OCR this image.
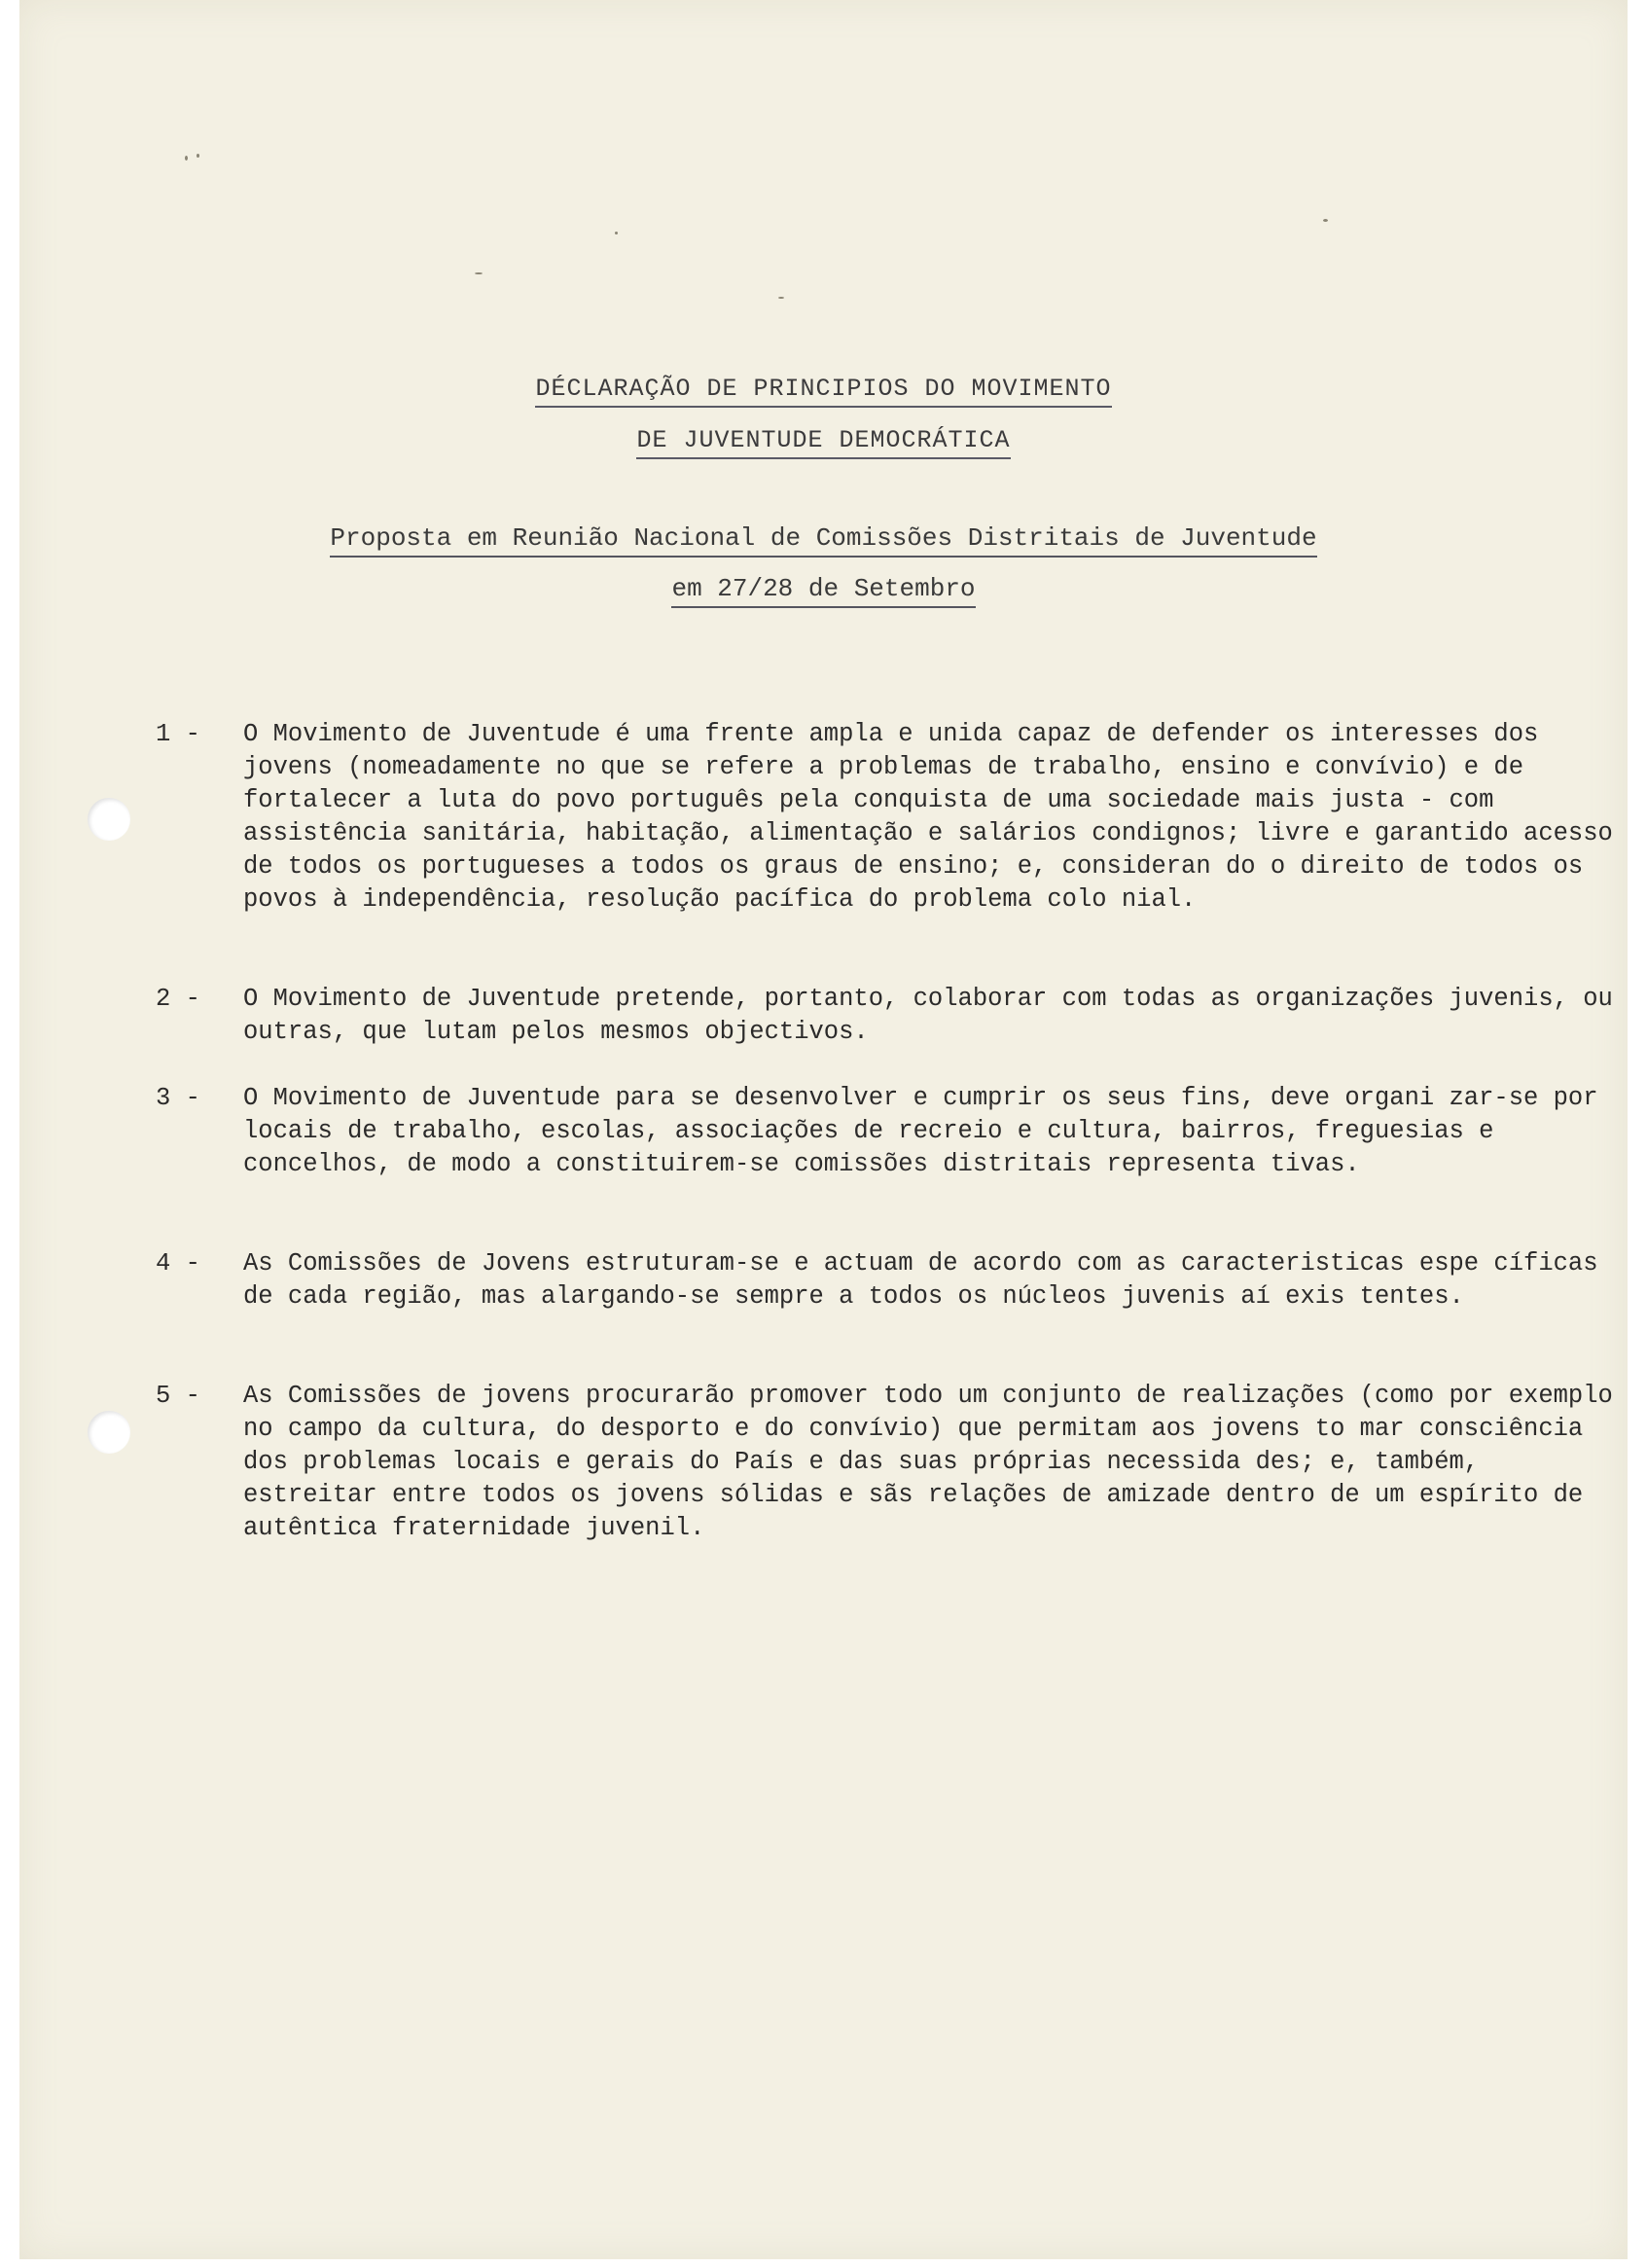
DÉCLARAÇÃO DE PRINCIPIOS DO MOVIMENTO
DE JUVENTUDE DEMOCRÁTICA
Proposta em Reunião Nacional de Comissões Distritais de Juventude
em 27/28 de Setembro
1 -	O Movimento de Juventude é uma frente ampla e unida capaz de defender os interesses dos jovens (nomeadamente no que se refere a problemas de trabalho, ensino e convívio) e de fortalecer a luta do povo português pela conquista de uma sociedade mais justa - com assistência sanitária, habitação, alimentação e salários condignos; livre e garantido acesso de todos os portugueses a todos os graus de ensino; e, consideran do o direito de todos os povos à independência, resolução pacífica do problema colo nial.
2 -	O Movimento de Juventude pretende, portanto, colaborar com todas as organizações juvenis, ou outras, que lutam pelos mesmos objectivos.
3 -	O Movimento de Juventude para se desenvolver e cumprir os seus fins, deve organi zar-se por locais de trabalho, escolas, associações de recreio e cultura, bairros, freguesias e concelhos, de modo a constituirem-se comissões distritais representa tivas.
4 -	As Comissões de Jovens estruturam-se e actuam de acordo com as caracteristicas espe cíficas de cada região, mas alargando-se sempre a todos os núcleos juvenis aí exis tentes.
5 -	As Comissões de jovens procurarão promover todo um conjunto de realizações (como por exemplo no campo da cultura, do desporto e do convívio) que permitam aos jovens to mar consciência dos problemas locais e gerais do País e das suas próprias necessida des; e, também, estreitar entre todos os jovens sólidas e sãs relações de amizade dentro de um espírito de autêntica fraternidade juvenil.
